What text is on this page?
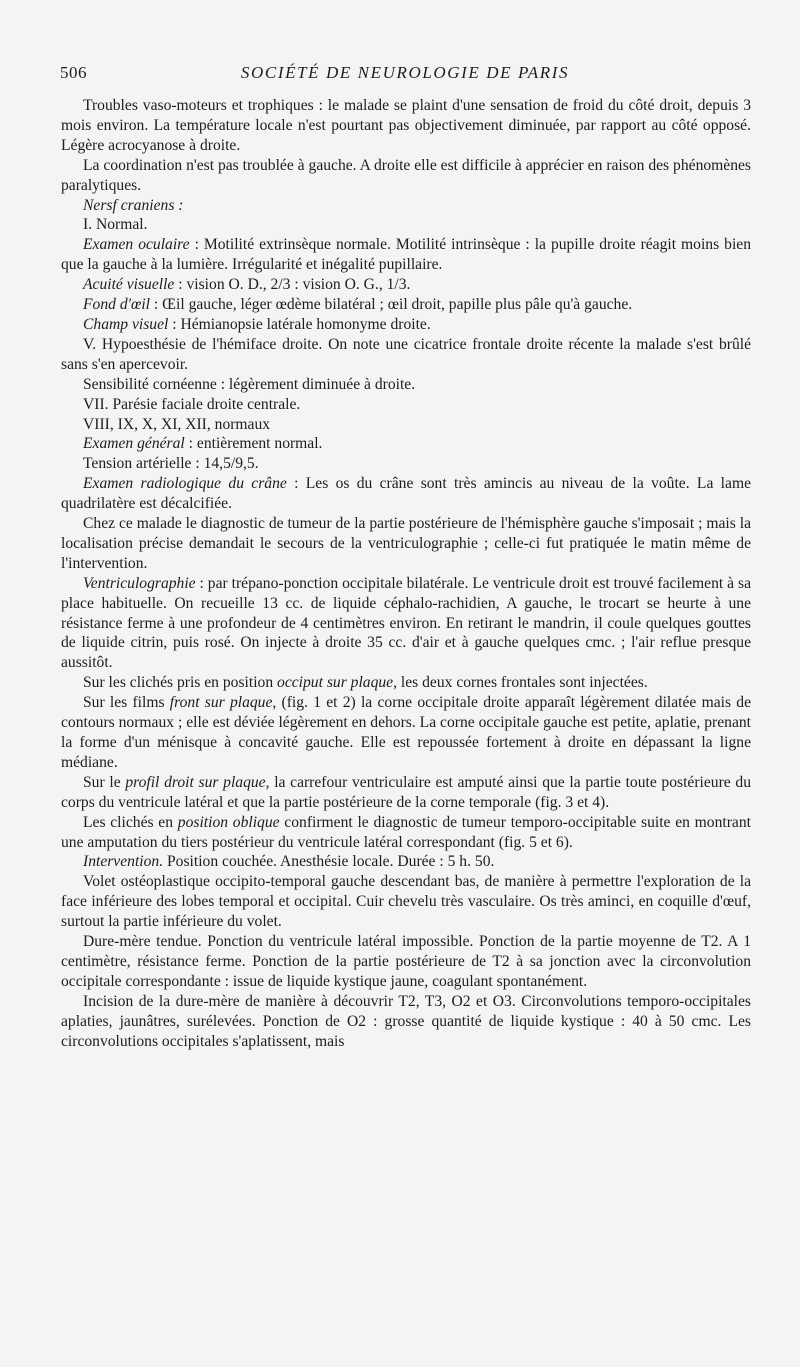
506	SOCIÉTÉ DE NEUROLOGIE DE PARIS

Troubles vaso-moteurs et trophiques : le malade se plaint d'une sensation de froid du côté droit, depuis 3 mois environ. La température locale n'est pourtant pas objectivement diminuée, par rapport au côté opposé. Légère acrocyanose à droite.

La coordination n'est pas troublée à gauche. A droite elle est difficile à apprécier en raison des phénomènes paralytiques.

Nersf craniens :

I. Normal.

Examen oculaire : Motilité extrinsèque normale. Motilité intrinsèque : la pupille droite réagit moins bien que la gauche à la lumière. Irrégularité et inégalité pupillaire.

Acuité visuelle : vision O. D., 2/3 : vision O. G., 1/3.

Fond d'œil : Œil gauche, léger œdème bilatéral ; œil droit, papille plus pâle qu'à gauche.

Champ visuel : Hémianopsie latérale homonyme droite.

V. Hypoesthésie de l'hémiface droite. On note une cicatrice frontale droite récente la malade s'est brûlé sans s'en apercevoir.

Sensibilité cornéenne : légèrement diminuée à droite.

VII. Parésie faciale droite centrale.

VIII, IX, X, XI, XII, normaux

Examen général : entièrement normal.

Tension artérielle : 14,5/9,5.

Examen radiologique du crâne : Les os du crâne sont très amincis au niveau de la voûte. La lame quadrilatère est décalcifiée.

Chez ce malade le diagnostic de tumeur de la partie postérieure de l'hémisphère gauche s'imposait ; mais la localisation précise demandait le secours de la ventriculographie ; celle-ci fut pratiquée le matin même de l'intervention.

Ventriculographie : par trépano-ponction occipitale bilatérale. Le ventricule droit est trouvé facilement à sa place habituelle. On recueille 13 cc. de liquide céphalo-rachidien, A gauche, le trocart se heurte à une résistance ferme à une profondeur de 4 centimètres environ. En retirant le mandrin, il coule quelques gouttes de liquide citrin, puis rosé. On injecte à droite 35 cc. d'air et à gauche quelques cmc. ; l'air reflue presque aussitôt.

Sur les clichés pris en position occiput sur plaque, les deux cornes frontales sont injectées.

Sur les films front sur plaque, (fig. 1 et 2) la corne occipitale droite apparaît légèrement dilatée mais de contours normaux ; elle est déviée légèrement en dehors. La corne occipitale gauche est petite, aplatie, prenant la forme d'un ménisque à concavité gauche. Elle est repoussée fortement à droite en dépassant la ligne médiane.

Sur le profil droit sur plaque, la carrefour ventriculaire est amputé ainsi que la partie toute postérieure du corps du ventricule latéral et que la partie postérieure de la corne temporale (fig. 3 et 4).

Les clichés en position oblique confirment le diagnostic de tumeur temporo-occipitable suite en montrant une amputation du tiers postérieur du ventricule latéral correspondant (fig. 5 et 6).

Intervention. Position couchée. Anesthésie locale. Durée : 5 h. 50.

Volet ostéoplastique occipito-temporal gauche descendant bas, de manière à permettre l'exploration de la face inférieure des lobes temporal et occipital. Cuir chevelu très vasculaire. Os très aminci, en coquille d'œuf, surtout la partie inférieure du volet.

Dure-mère tendue. Ponction du ventricule latéral impossible. Ponction de la partie moyenne de T2. A 1 centimètre, résistance ferme. Ponction de la partie postérieure de T2 à sa jonction avec la circonvolution occipitale correspondante : issue de liquide kystique jaune, coagulant spontanément.

Incision de la dure-mère de manière à découvrir T2, T3, O2 et O3. Circonvolutions temporo-occipitales aplaties, jaunâtres, surélevées. Ponction de O2 : grosse quantité de liquide kystique : 40 à 50 cmc. Les circonvolutions occipitales s'aplatissent, mais
